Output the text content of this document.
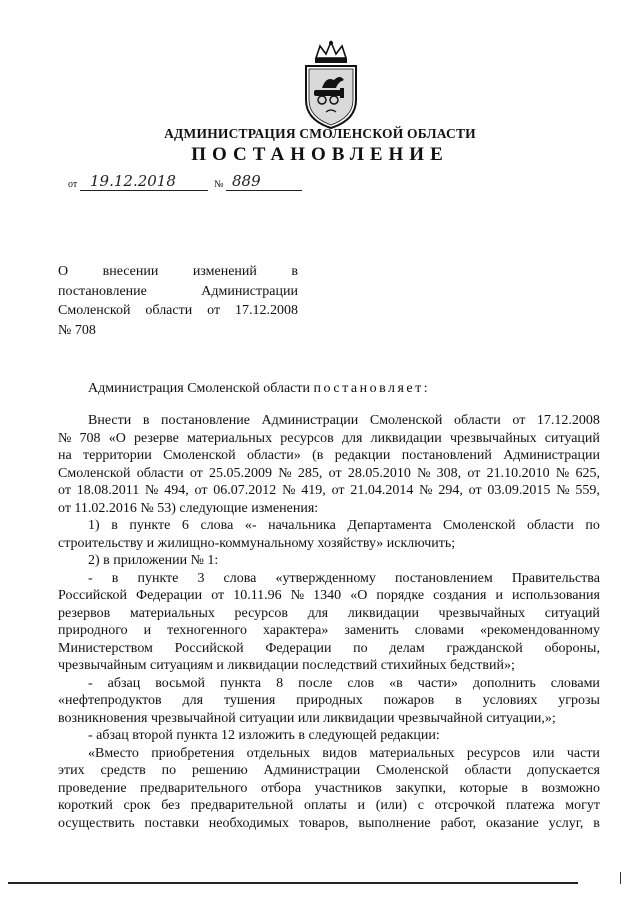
АДМИНИСТРАЦИЯ СМОЛЕНСКОЙ ОБЛАСТИ
ПОСТАНОВЛЕНИЕ
от 19.12.2018	№ 889
О внесении изменений в
постановление	Администрации
Смоленской области от 17.12.2008
№ 708
Администрация Смоленской области постановляет:
Внести в постановление Администрации Смоленской области от 17.12.2008
№ 708 «О резерве материальных ресурсов для ликвидации чрезвычайных ситуаций
на территории Смоленской области» (в редакции постановлений Администрации
Смоленской области от 25.05.2009 № 285, от 28.05.2010 № 308, от 21.10.2010 № 625,
от 18.08.2011 № 494, от 06.07.2012 № 419, от 21.04.2014 № 294, от 03.09.2015 № 559,
от 11.02.2016 № 53) следующие изменения:
1) в пункте 6 слова «- начальника Департамента Смоленской области по
строительству и жилищно-коммунальному хозяйству» исключить;
2) в приложении № 1:
- в пункте 3 слова «утвержденному постановлением Правительства
Российской Федерации от 10.11.96 № 1340 «О порядке создания и использования
резервов материальных ресурсов для ликвидации чрезвычайных ситуаций
природного и техногенного характера» заменить словами «рекомендованному
Министерством Российской Федерации по делам гражданской обороны,
чрезвычайным ситуациям и ликвидации последствий стихийных бедствий»;
- абзац восьмой пункта 8 после слов «в части» дополнить словами
«нефтепродуктов для тушения природных пожаров в условиях угрозы
возникновения чрезвычайной ситуации или ликвидации чрезвычайной ситуации,»;
- абзац второй пункта 12 изложить в следующей редакции:
«Вместо приобретения отдельных видов материальных ресурсов или части
этих средств по решению Администрации Смоленской области допускается
проведение предварительного отбора участников закупки, которые в возможно
короткий срок без предварительной оплаты и (или) с отсрочкой платежа могут
осуществить поставки необходимых товаров, выполнение работ, оказание услуг, в
